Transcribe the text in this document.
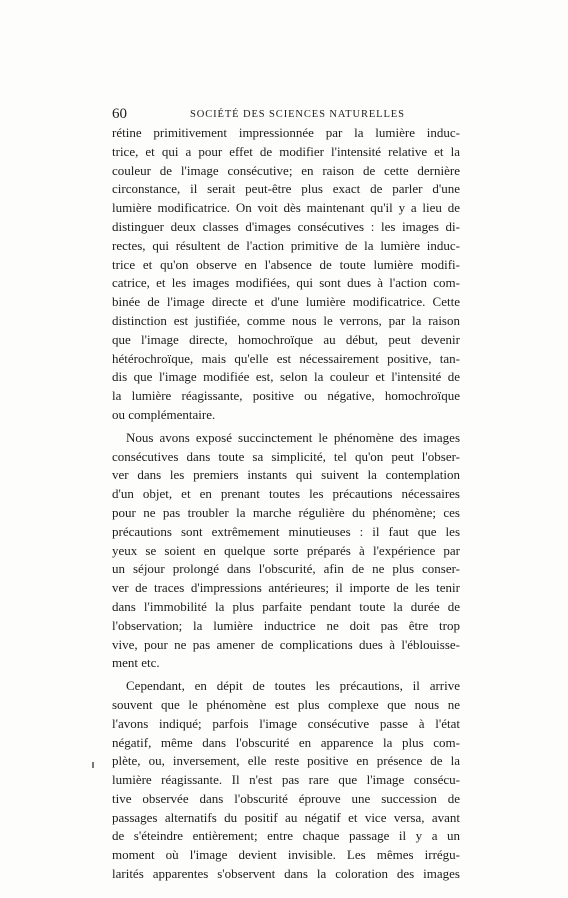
60	SOCIÉTÉ DES SCIENCES NATURELLES
rétine primitivement impressionnée par la lumière induc-
trice, et qui a pour effet de modifier l'intensité relative et la
couleur de l'image consécutive; en raison de cette dernière
circonstance, il serait peut-être plus exact de parler d'une
lumière modificatrice. On voit dès maintenant qu'il y a lieu de
distinguer deux classes d'images consécutives : les images di-
rectes, qui résultent de l'action primitive de la lumière induc-
trice et qu'on observe en l'absence de toute lumière modifi-
catrice, et les images modifiées, qui sont dues à l'action com-
binée de l'image directe et d'une lumière modificatrice. Cette
distinction est justifiée, comme nous le verrons, par la raison
que l'image directe, homochroïque au début, peut devenir
hétérochroïque, mais qu'elle est nécessairement positive, tan-
dis que l'image modifiée est, selon la couleur et l'intensité de
la lumière réagissante, positive ou négative, homochroïque
ou complémentaire.
Nous avons exposé succinctement le phénomène des images
consécutives dans toute sa simplicité, tel qu'on peut l'obser-
ver dans les premiers instants qui suivent la contemplation
d'un objet, et en prenant toutes les précautions nécessaires
pour ne pas troubler la marche régulière du phénomène; ces
précautions sont extrêmement minutieuses : il faut que les
yeux se soient en quelque sorte préparés à l'expérience par
un séjour prolongé dans l'obscurité, afin de ne plus conser-
ver de traces d'impressions antérieures; il importe de les tenir
dans l'immobilité la plus parfaite pendant toute la durée de
l'observation; la lumière inductrice ne doit pas être trop
vive, pour ne pas amener de complications dues à l'éblouisse-
ment etc.
Cependant, en dépit de toutes les précautions, il arrive
souvent que le phénomène est plus complexe que nous ne
l'avons indiqué; parfois l'image consécutive passe à l'état
négatif, même dans l'obscurité en apparence la plus com-
plète, ou, inversement, elle reste positive en présence de la
lumière réagissante. Il n'est pas rare que l'image consécu-
tive observée dans l'obscurité éprouve une succession de
passages alternatifs du positif au négatif et vice versa, avant
de s'éteindre entièrement; entre chaque passage il y a un
moment où l'image devient invisible. Les mêmes irrégu-
larités apparentes s'observent dans la coloration des images
